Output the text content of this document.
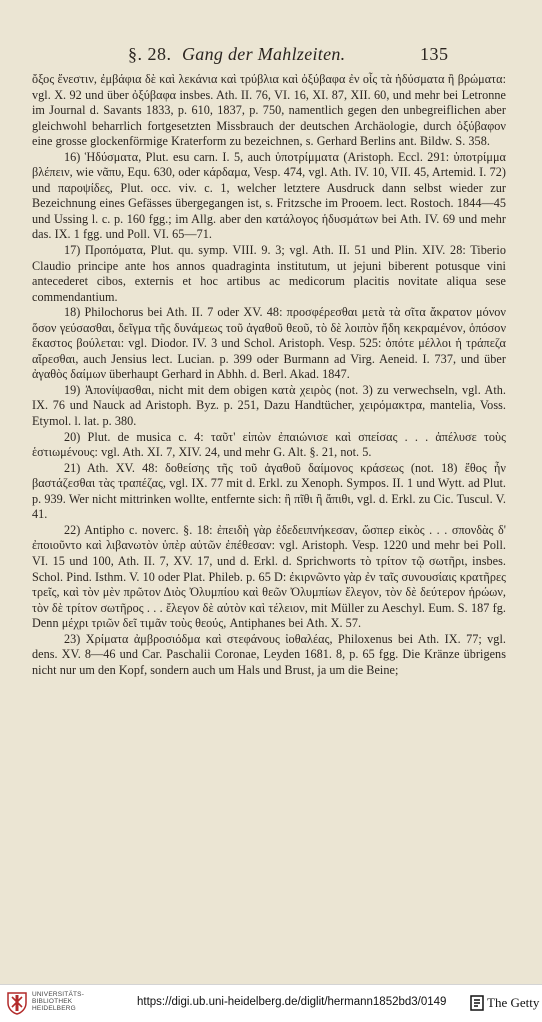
§. 28. Gang der Mahlzeiten.	135

ὄξος ἔνεστιν, ἐμβάφια δὲ καὶ λεκάνια καὶ τρύβλια καὶ ὀξύβαφα ἐν οἷς τὰ ἡδύσματα ἢ βρώματα: vgl. X. 92 und über ὀξύβαφα insbes. Ath. II. 76, VI. 16, XI. 87, XII. 60, und mehr bei Letronne im Journal d. Savants 1833, p. 610, 1837, p. 750, namentlich gegen den unbegreiflichen aber gleichwohl beharrlich fortgesetzten Missbrauch der deutschen Archäologie, durch ὀξύβαφον eine grosse glockenförmige Kraterform zu bezeichnen, s. Gerhard Berlins ant. Bildw. S. 358.

16) Ἡδύσματα, Plut. esu carn. I. 5, auch ὑποτρίμματα (Aristoph. Eccl. 291: ὑποτρίμμα βλέπειν, wie νᾶπυ, Equ. 630, oder κάρδαμα, Vesp. 474, vgl. Ath. IV. 10, VII. 45, Artemid. I. 72) und παροψίδες, Plut. occ. viv. c. 1, welcher letztere Ausdruck dann selbst wieder zur Bezeichnung eines Gefässes übergegangen ist, s. Fritzsche im Prooem. lect. Rostoch. 1844—45 und Ussing l. c. p. 160 fgg.; im Allg. aber den κατάλογος ἡδυσμάτων bei Ath. IV. 69 und mehr das. IX. 1 fgg. und Poll. VI. 65—71.

17) Προπόματα, Plut. qu. symp. VIII. 9. 3; vgl. Ath. II. 51 und Plin. XIV. 28: Tiberio Claudio principe ante hos annos quadraginta institutum, ut jejuni biberent potusque vini antecederet cibos, externis et hoc artibus ac medicorum placitis novitate aliqua sese commendantium.

18) Philochorus bei Ath. II. 7 oder XV. 48: προσφέρεσθαι μετὰ τὰ σῖτα ἄκρατον μόνον ὅσον γεύσασθαι, δεῖγμα τῆς δυνάμεως τοῦ ἀγαθοῦ θεοῦ, τὸ δὲ λοιπὸν ἤδη κεκραμένον, ὁπόσον ἕκαστος βούλεται: vgl. Diodor. IV. 3 und Schol. Aristoph. Vesp. 525: ὁπότε μέλλοι ἡ τράπεζα αἴρεσθαι, auch Jensius lect. Lucian. p. 399 oder Burmann ad Virg. Aeneid. I. 737, und über ἀγαθὸς δαίμων überhaupt Gerhard in Abhh. d. Berl. Akad. 1847.

19) Ἀπονίψασθαι, nicht mit dem obigen κατὰ χειρὸς (not. 3) zu verwechseln, vgl. Ath. IX. 76 und Nauck ad Aristoph. Byz. p. 251, Dazu Handtücher, χειρόμακτρα, mantelia, Voss. Etymol. l. lat. p. 380.

20) Plut. de musica c. 4: ταῦτ' εἰπὼν ἐπαιώνισε καὶ σπείσας . . . ἀπέλυσε τοὺς ἑστιωμένους: vgl. Ath. XI. 7, XIV. 24, und mehr G. Alt. §. 21, not. 5.

21) Ath. XV. 48: δοθείσης τῆς τοῦ ἀγαθοῦ δαίμονος κράσεως (not. 18) ἔθος ἦν βαστάζεσθαι τὰς τραπέζας, vgl. IX. 77 mit d. Erkl. zu Xenoph. Sympos. II. 1 und Wytt. ad Plut. p. 939. Wer nicht mittrinken wollte, entfernte sich: ἢ πῖθι ἢ ἄπιθι, vgl. d. Erkl. zu Cic. Tuscul. V. 41.

22) Antipho c. noverc. §. 18: ἐπειδὴ γὰρ ἐδεδειπνήκεσαν, ὥσπερ εἰκὸς . . . σπονδὰς δ' ἐποιοῦντο καὶ λιβανωτὸν ὑπὲρ αὐτῶν ἐπέθεσαν: vgl. Aristoph. Vesp. 1220 und mehr bei Poll. VI. 15 und 100, Ath. II. 7, XV. 17, und d. Erkl. d. Sprichworts τὸ τρίτον τῷ σωτῆρι, insbes. Schol. Pind. Isthm. V. 10 oder Plat. Phileb. p. 65 D: ἐκιρνῶντο γὰρ ἐν ταῖς συνουσίαις κρατῆρες τρεῖς, καὶ τὸν μὲν πρῶτον Διὸς Ὀλυμπίου καὶ θεῶν Ὀλυμπίων ἔλεγον, τὸν δὲ δεύτερον ἡρώων, τὸν δὲ τρίτον σωτῆρος . . . ἔλεγον δὲ αὐτὸν καὶ τέλειον, mit Müller zu Aeschyl. Eum. S. 187 fg. Denn μέχρι τριῶν δεῖ τιμᾶν τοὺς θεούς, Antiphanes bei Ath. X. 57.

23) Χρίματα ἀμβροσιόδμα καὶ στεφάνους ἰοθαλέας, Philoxenus bei Ath. IX. 77; vgl. dens. XV. 8—46 und Car. Paschalii Coronae, Leyden 1681. 8, p. 65 fgg. Die Kränze übrigens nicht nur um den Kopf, sondern auch um Hals und Brust, ja um die Beine;

UNIVERSITÄTS-
BIBLIOTHEK
HEIDELBERG
https://digi.ub.uni-heidelberg.de/diglit/hermann1852bd3/0149	The Getty
